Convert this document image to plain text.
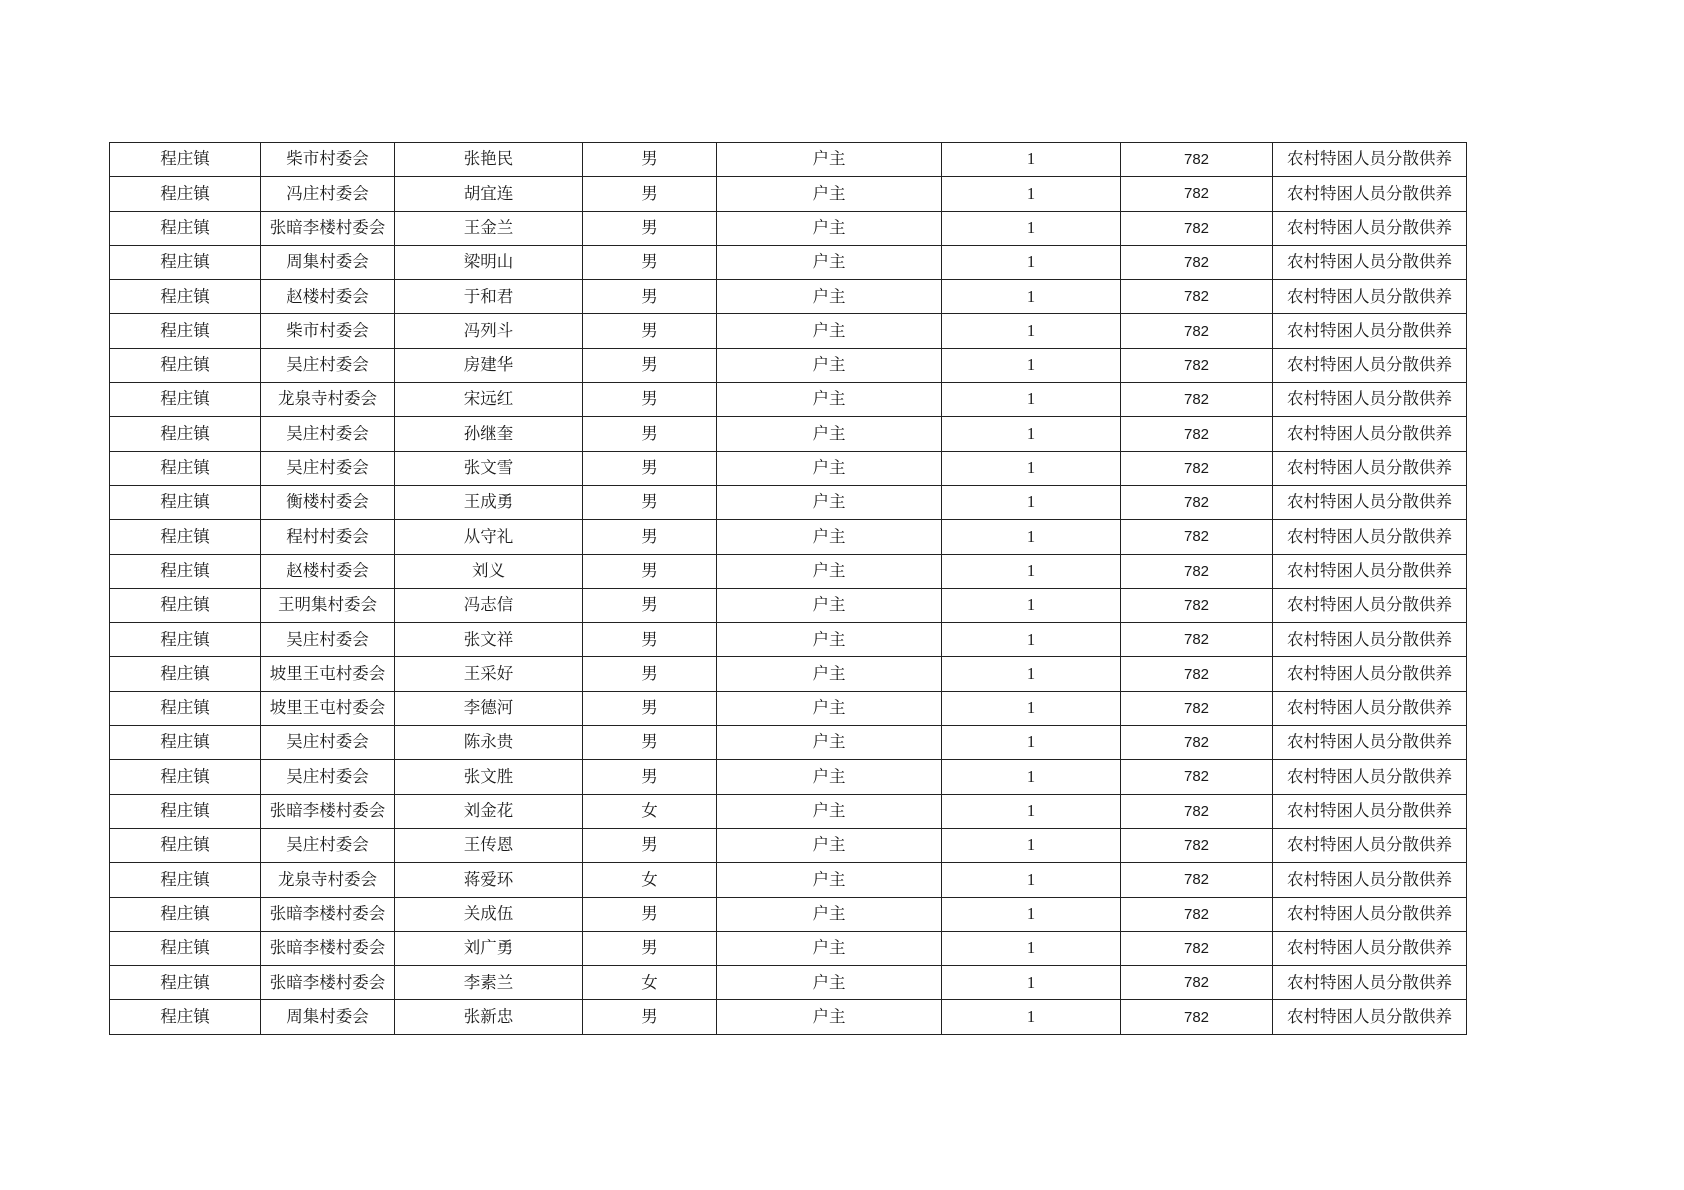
程庄镇	柴市村委会	张艳民	男	户主	1	782	农村特困人员分散供养
程庄镇	冯庄村委会	胡宜连	男	户主	1	782	农村特困人员分散供养
程庄镇	张暗李楼村委会	王金兰	男	户主	1	782	农村特困人员分散供养
程庄镇	周集村委会	梁明山	男	户主	1	782	农村特困人员分散供养
程庄镇	赵楼村委会	于和君	男	户主	1	782	农村特困人员分散供养
程庄镇	柴市村委会	冯列斗	男	户主	1	782	农村特困人员分散供养
程庄镇	吴庄村委会	房建华	男	户主	1	782	农村特困人员分散供养
程庄镇	龙泉寺村委会	宋远红	男	户主	1	782	农村特困人员分散供养
程庄镇	吴庄村委会	孙继奎	男	户主	1	782	农村特困人员分散供养
程庄镇	吴庄村委会	张文雪	男	户主	1	782	农村特困人员分散供养
程庄镇	衡楼村委会	王成勇	男	户主	1	782	农村特困人员分散供养
程庄镇	程村村委会	从守礼	男	户主	1	782	农村特困人员分散供养
程庄镇	赵楼村委会	刘义	男	户主	1	782	农村特困人员分散供养
程庄镇	王明集村委会	冯志信	男	户主	1	782	农村特困人员分散供养
程庄镇	吴庄村委会	张文祥	男	户主	1	782	农村特困人员分散供养
程庄镇	坡里王屯村委会	王采好	男	户主	1	782	农村特困人员分散供养
程庄镇	坡里王屯村委会	李德河	男	户主	1	782	农村特困人员分散供养
程庄镇	吴庄村委会	陈永贵	男	户主	1	782	农村特困人员分散供养
程庄镇	吴庄村委会	张文胜	男	户主	1	782	农村特困人员分散供养
程庄镇	张暗李楼村委会	刘金花	女	户主	1	782	农村特困人员分散供养
程庄镇	吴庄村委会	王传恩	男	户主	1	782	农村特困人员分散供养
程庄镇	龙泉寺村委会	蒋爱环	女	户主	1	782	农村特困人员分散供养
程庄镇	张暗李楼村委会	关成伍	男	户主	1	782	农村特困人员分散供养
程庄镇	张暗李楼村委会	刘广勇	男	户主	1	782	农村特困人员分散供养
程庄镇	张暗李楼村委会	李素兰	女	户主	1	782	农村特困人员分散供养
程庄镇	周集村委会	张新忠	男	户主	1	782	农村特困人员分散供养
